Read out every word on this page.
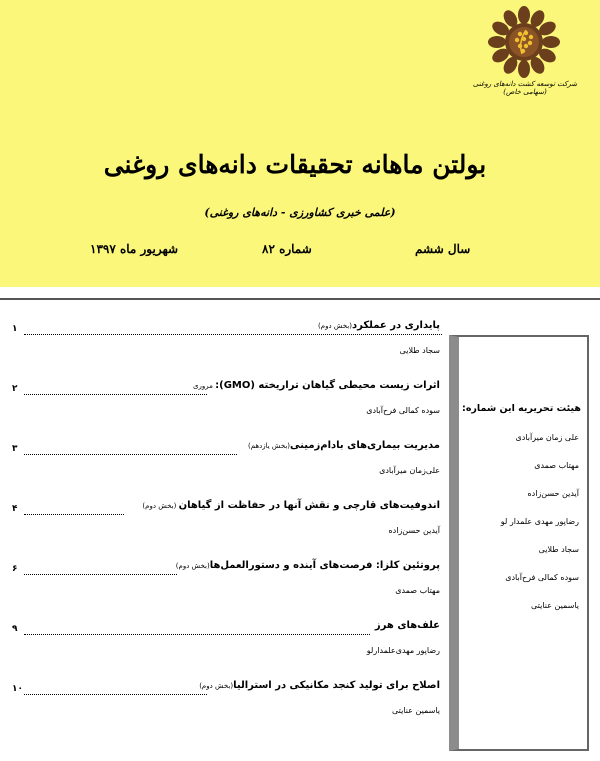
شرکت توسعه کشت دانه‌های روغنی (سهامی خاص)
بولتن ماهانه تحقیقات دانه‌های روغنی
(علمی خبری کشاورزی - دانه‌های روغنی)
سال ششم
شماره ۸۲
شهریور ماه ۱۳۹۷
پایداری در عملکرد(بخش دوم)
۱
سجاد طلایی
اثرات زیست محیطی گیاهان تراریخته (GMO): مروری
۲
سوده کمالی فرح‌آبادی
مدیریت بیماری‌های بادام‌زمینی(بخش یازدهم)
۳
علی‌زمان میرآبادی
اندوفیت‌های قارچی و نقش آنها در حفاظت از گیاهان (بخش دوم)
۴
آیدین حسن‌زاده
پروتئین کلزا: فرصت‌های آینده و دستورالعمل‌ها(بخش دوم)
۶
مهتاب صمدی
علف‌های هرز
۹
رضاپور مهدی‌علمدارلو
اصلاح برای تولید کنجد مکانیکی در استرالیا(بخش دوم)
۱۰
یاسمین عنایتی
هیئت تحریریه این شماره:
علی زمان میرآبادی
مهتاب صمدی
آیدین حسن‌زاده
رضاپور مهدی علمدار لو
سجاد طلایی
سوده کمالی فرح‌آبادی
یاسمین عنایتی
